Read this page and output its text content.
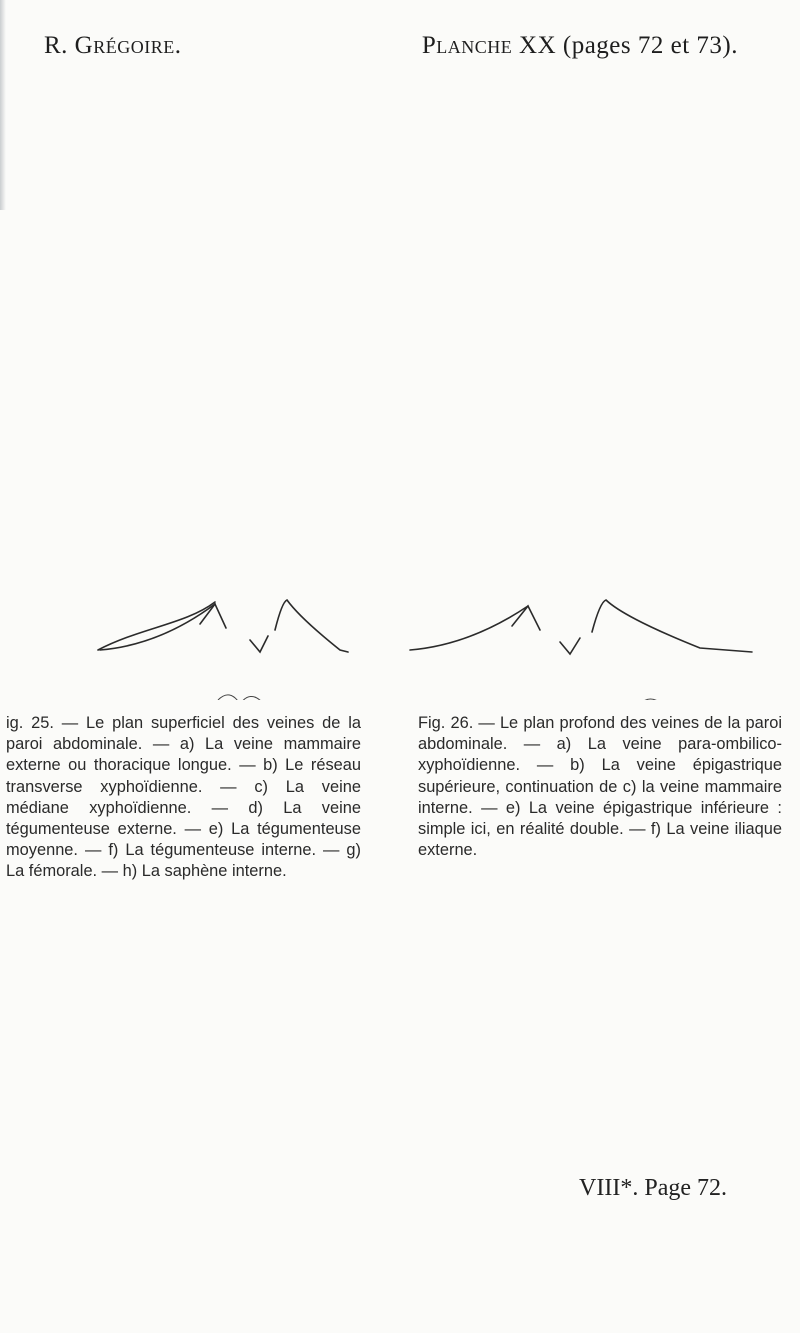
R. Grégoire.	Planche XX (pages 72 et 73).
ig. 25. — Le plan superficiel des veines de la paroi abdominale. — a) La veine mammaire externe ou thoracique longue. — b) Le réseau transverse xyphoïdienne. — c) La veine médiane xyphoïdienne. — d) La veine tégumenteuse externe. — e) La tégumenteuse moyenne. — f) La tégumenteuse interne. — g) La fémorale. — h) La saphène interne.
Fig. 26. — Le plan profond des veines de la paroi abdominale. — a) La veine para-ombilico-xyphoïdienne. — b) La veine épigastrique supérieure, continuation de c) la veine mammaire interne. — e) La veine épigastrique inférieure : simple ici, en réalité double. — f) La veine iliaque externe.
VIII*. Page 72.
